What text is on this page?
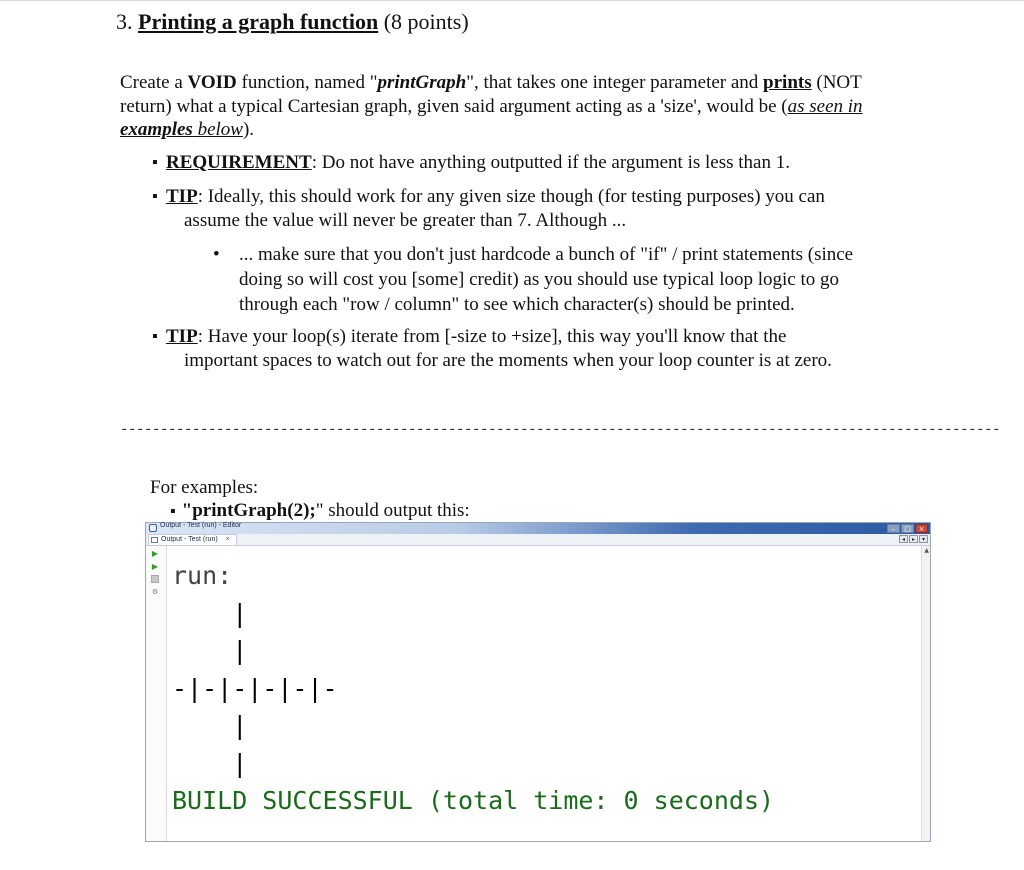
3. Printing a graph function (8 points)
Create a VOID function, named "printGraph", that takes one integer parameter and prints (NOT return) what a typical Cartesian graph, given said argument acting as a 'size', would be (as seen in examples below).
▪ REQUIREMENT: Do not have anything outputted if the argument is less than 1.
▪ TIP: Ideally, this should work for any given size though (for testing purposes) you can
assume the value will never be greater than 7. Although ...
• ... make sure that you don't just hardcode a bunch of "if" / print statements (since doing so will cost you [some] credit) as you should use typical loop logic to go through each "row / column" to see which character(s) should be printed.
▪ TIP: Have your loop(s) iterate from [-size to +size], this way you'll know that the
important spaces to watch out for are the moments when your loop counter is at zero.
--------------------------------------------------------------------------------------------------------------
For examples:
▪ "printGraph(2);" should output this:
Output - Test (run) - Editor	–	□	×
Output - Test (run) ×	◂	▸	▾
▶
▶
⚙
▲
run:
|
|
-|-|-|-|-|-
|
|
BUILD SUCCESSFUL (total time: 0 seconds)
